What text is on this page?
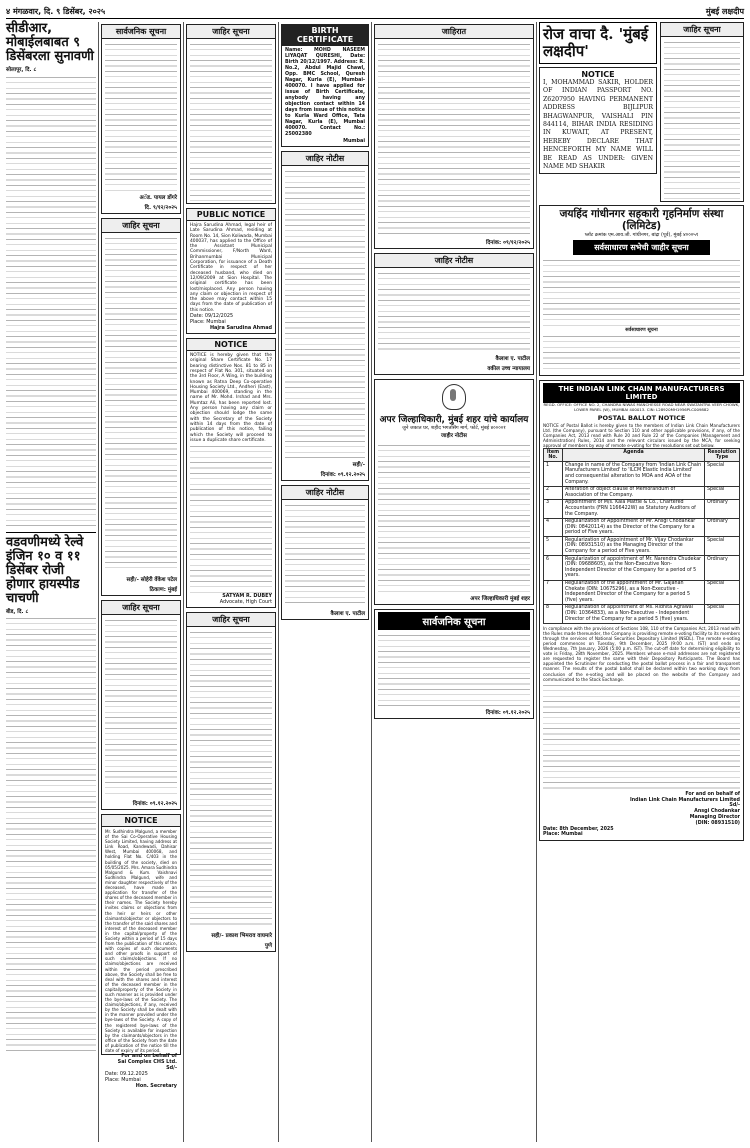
४ मंगळवार, दि. ९ डिसेंबर, २०२५	मुंबई लक्षदीप
सीडीआर, मोबाईलबाबत ९ डिसेंबरला सुनावणी
सोलापूर, दि. ८
वडवणीमध्ये रेल्वे इंजिन १० व ११ डिसेंबर रोजी होणार हायस्पीड चाचणी
बीड, दि. ८
सार्वजनिक सूचना
अॅड. पायल डोंगरे
दि. ९/१२/२०२५
जाहिर सूचना
सही/- सोहेरी वेंकेश पटेल
ठिकाण: मुंबई
जाहिर सूचना
दिनांक: ०९.१२.२०२५
NOTICE
Mr. Sudhindra Malgund, a member of the Sai Co-Operative Housing Society Limited, having address at Link Road, Kandewadi, Dahisar West, Mumbai 400068, and holding Flat No. C/403 in the building of the society, died on 05/05/2025. Mrs. Amara Sudhindra Malgund & Kum. Vaishnavi Sudhindra Malgund, wife and minor daughter respectively of the deceased, have made an application for transfer of the shares of the deceased member in their names. The Society hereby invites claims or objections from the heir or heirs or other claimants/objector or objectors to the transfer of the said shares and interest of the deceased member in the capital/property of the Society within a period of 15 days from the publication of this notice, with copies of such documents and other proofs in support of such claims/objections. If no claims/objections are received within the period prescribed above, the Society shall be free to deal with the shares and interest of the deceased member in the capital/property of the Society in such manner as is provided under the bye-laws of the Society. The claims/objections, if any, received by the Society shall be dealt with in the manner provided under the bye-laws of the Society. A copy of the registered bye-laws of the Society is available for inspection by the claimants/objectors in the office of the Society from the date of publication of the notice till the date of expiry of its period.
For and on behalf of
Sai Complex CHS Ltd.
Sd/-
Date: 09.12.2025
Place: Mumbai
Hon. Secretary
जाहिर सूचना
PUBLIC NOTICE
Hajra Sarudina Ahmad, legal heir of Late Sarudina Ahmad, residing at Room No. 14, Sion Koliwada, Mumbai 400037, has applied to the Office of the Assistant Municipal Commissioner, F/North Ward, Brihanmumbai Municipal Corporation, for issuance of a Death Certificate in respect of her deceased husband, who died on 12/09/2009 at Sion Hospital. The original certificate has been lost/misplaced. Any person having any claim or objection in respect of the above may contact within 15 days from the date of publication of this notice.
Date: 09/12/2025
Place: Mumbai
Hajra Sarudina Ahmad
NOTICE
NOTICE is hereby given that the original Share Certificate No. 17 bearing distinctive Nos. 81 to 85 in respect of Flat No. 301, situated on the 3rd Floor, A Wing, in the building known as Ratna Deep Co-operative Housing Society Ltd., Andheri (East), Mumbai 400069, standing in the name of Mr. Mohd. Irshad and Mrs. Mumtaz Ali, has been reported lost. Any person having any claim or objection should lodge the same with the Secretary of the Society within 14 days from the date of publication of this notice, failing which the Society will proceed to issue a duplicate share certificate.
SATYAM R. DUBEY
Advocate, High Court
जाहिर सूचना
सही/- प्रकाश भिमराव वाघमारे
पुणे
BIRTH CERTIFICATE
Name: MOHD NASEEM LIYAQAT QURESHI, Date: Birth 20/12/1997. Address: R. No.2, Abdul Majid Chawl, Opp. BMC School, Quresh Nagar, Kurla (E), Mumbai-400070. I have applied for issue of Birth Certificate, anybody having any objection contact within 14 days from issue of this notice to Kurla Ward Office, Tata Nagar, Kurla (E), Mumbai 400070. Contact No.: 25002380
Mumbai
जाहिर नोटीस
सही/-
दिनांक: ०९.१२.२०२५
जाहिर नोटीस
कैलाश ए. पाटील
जाहिरात
दिनांक: ०९/१२/२०२५
जाहिर नोटीस
कैलाश ए. पाटील
वकील उच्च न्यायालय
अपर जिल्हाधिकारी, मुंबई शहर यांचे कार्यालय
जुने जकात घर, शहीद भगतसिंग मार्ग, फोर्ट, मुंबई ४००००१
जाहीर नोटीस
अपर जिल्हाधिकारी मुंबई शहर
सार्वजनिक सूचना
दिनांक: ०९.१२.२०२५
रोज वाचा दै. 'मुंबई लक्षदीप'
NOTICE
I, MOHAMMAD SAKIR, HOLDER OF INDIAN PASSPORT NO. Z6207950 HAVING PERMANENT ADDRESS BIJLIPUR BHAGWANPUR, VAISHALI PIN 844114, BIHAR INDIA RESIDING IN KUWAIT, AT PRESENT, HEREBY DECLARE THAT HENCEFORTH MY NAME WILL BE READ AS UNDER: GIVEN NAME MD SHAKIR
जाहिर सूचना
जयहिंद गांधीनगर सहकारी गृहनिर्माण संस्था (लिमिटेड)
प्लॉट क्रमांक एम.आय.जी. गांधीनगर, बांद्रा (पूर्व), मुंबई ४०००५१
सर्वसाधारण सभेची जाहीर सूचना
सर्वसाधारण सूचना
THE INDIAN LINK CHAIN MANUFACTURERS LIMITED
REGD. OFFICE: OFFICE NO. 2, CHANDRA NIWAS MANCHESSE ROAD NEAR SWATANTRA VEER CHOWK, LOWER PAREL (W), MUMBAI 400013. CIN: L28920MH1956PLC009882
POSTAL BALLOT NOTICE
NOTICE of Postal Ballot is hereby given to the members of Indian Link Chain Manufacturers Ltd. (the Company), pursuant to Section 110 and other applicable provisions, if any, of the Companies Act, 2013 read with Rule 20 and Rule 22 of the Companies (Management and Administration) Rules, 2014 and the relevant circulars issued by the MCA, for seeking approval of members by way of remote e-voting for the resolutions set out below.
Item No.	Agenda	Resolution Type
1	Change in name of the Company from 'Indian Link Chain Manufacturers Limited' to 'ILCM Elastic India Limited' and consequential alteration to MOA and AOA of the Company.	Special
2	Alteration of object clause of Memorandum of Association of the Company.	Special
3	Appointment of M/s. Kaia Mattle & Co., Chartered Accountants (FRN 1166422W) as Statutory Auditors of the Company.	Ordinary
4	Regularization of Appointment of Mr. Ansgi Chodankar (DIN: 08420114) as the Director of the Company for a period of Five years.	Ordinary
5	Regularization of Appointment of Mr. Vijay Chodankar (DIN: 08931510) as the Managing Director of the Company for a period of Five years.	Special
6	Regularization of appointment of Mr. Narendra Chudekar (DIN: 09688605), as the Non-Executive Non-Independent Director of the Company for a period of 5 years.	Ordinary
7	Regularization of the appointment of Mr. Gajanan Chekate (DIN: 10675296), as a Non-Executive - Independent Director of the Company for a period 5 (five) years.	Special
8	Regularization of appointment of Ms. Ridhita Agrawal (DIN: 10364833), as a Non-Executive - Independent Director of the Company for a period 5 (five) years.	Special
In compliance with the provisions of Sections 108, 110 of the Companies Act, 2013 read with the Rules made thereunder, the Company is providing remote e-voting facility to its members through the services of National Securities Depository Limited (NSDL). The remote e-voting period commences on Tuesday, 9th December, 2025 (9:00 a.m. IST) and ends on Wednesday, 7th January, 2026 (5:00 p.m. IST). The cut-off date for determining eligibility to vote is Friday, 28th November, 2025. Members whose e-mail addresses are not registered are requested to register the same with their Depository Participants. The Board has appointed the Scrutinizer for conducting the postal ballot process in a fair and transparent manner. The results of the postal ballot shall be declared within two working days from conclusion of the e-voting and will be placed on the website of the Company and communicated to the Stock Exchange.
For and on behalf of
Indian Link Chain Manufacturers Limited
Sd/-
Ansgi Chodankar
Managing Director
(DIN: 08931510)
Date: 8th December, 2025
Place: Mumbai
